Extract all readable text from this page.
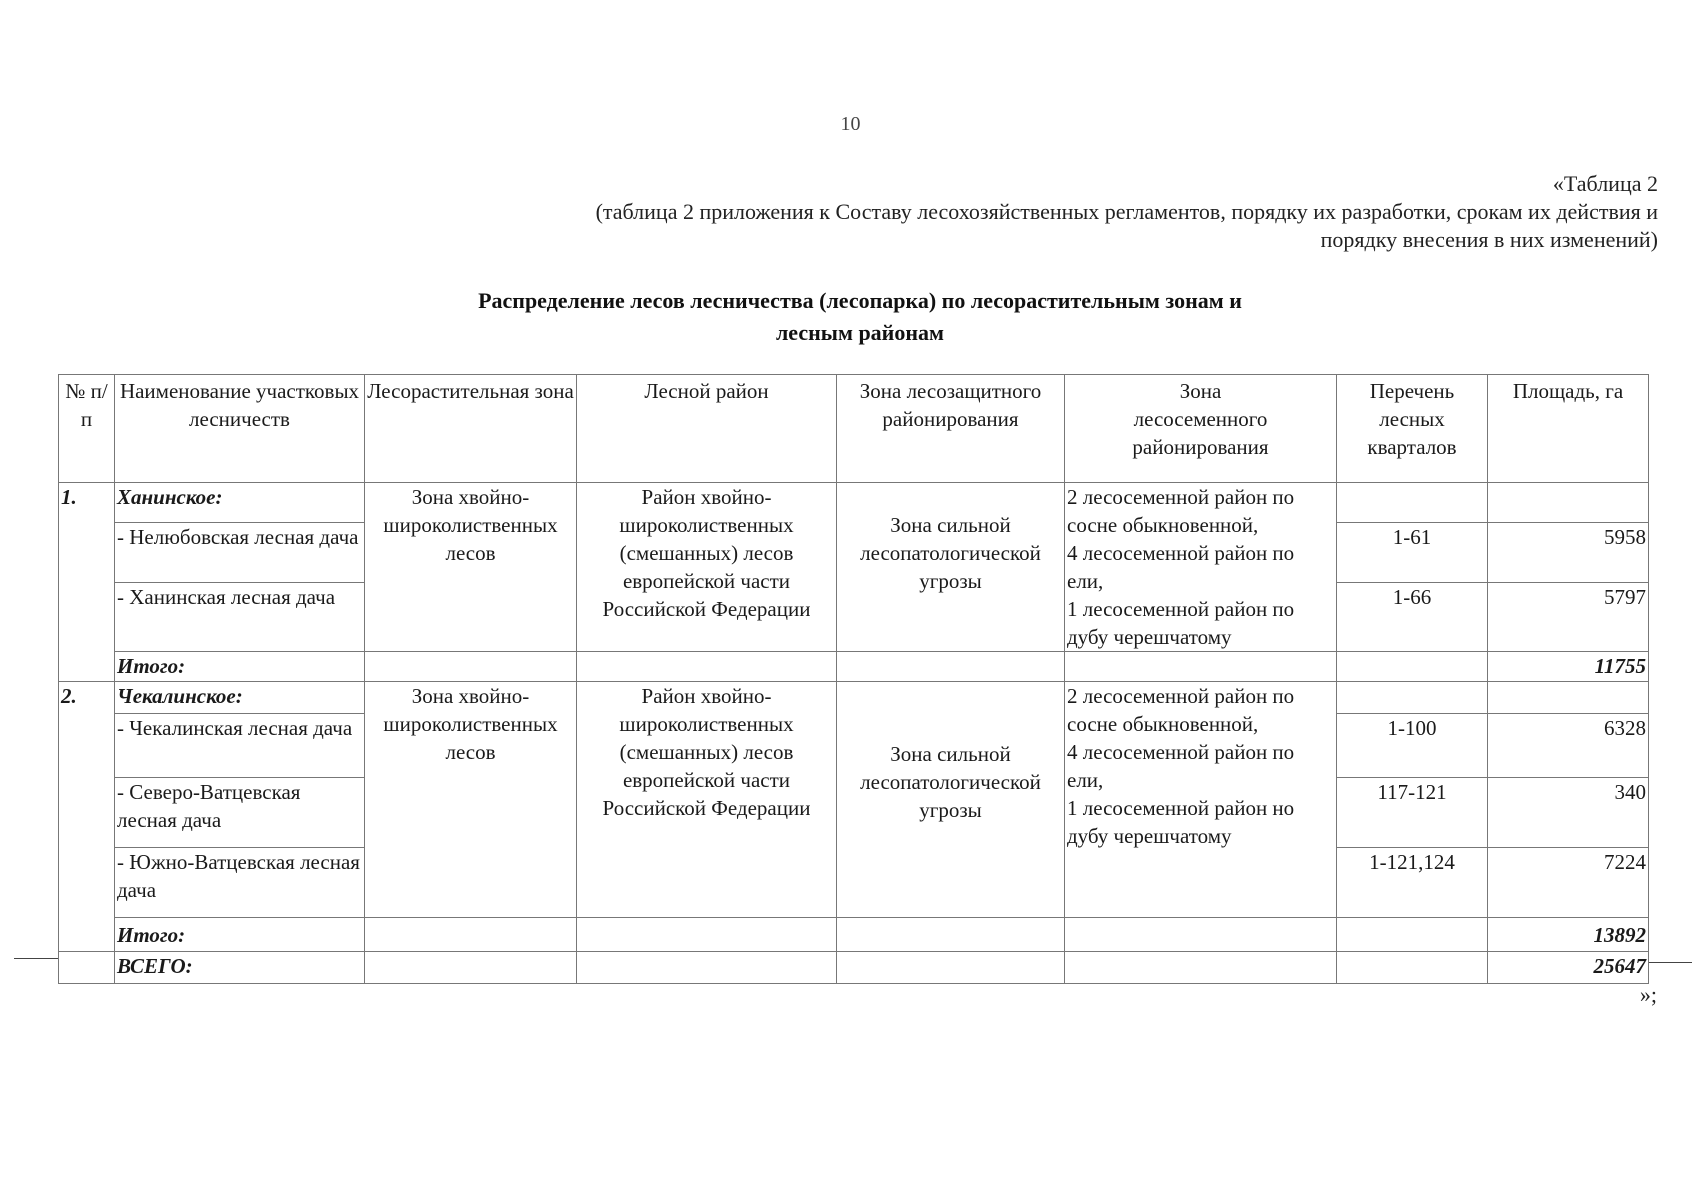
10
«Таблица 2
(таблица 2 приложения к Составу лесохозяйственных регламентов, порядку их разработки, срокам их действия и
порядку внесения в них изменений)
Распределение лесов лесничества (лесопарка) по лесорастительным зонам и
лесным районам
№ п/п	Наименование участковых лесничеств	Лесорастительная зона	Лесной район	Зона лесозащитного районирования	Зона лесосеменного районирования	Перечень лесных кварталов	Площадь, га
1.	Ханинское:	Зона хвойно-широколиственных лесов	Район хвойно-широколиственных (смешанных) лесов европейской части Российской Федерации	Зона сильной лесопатологической угрозы	2 лесосеменной район по сосне обыкновенной,
4 лесосеменной район по ели,
1 лесосеменной район по дубу черешчатому		
	- Нелюбовская лесная дача					1-61	5958
	- Ханинская лесная дача					1-66	5797
	Итого:						11755
2.	Чекалинское:	Зона хвойно-широколиственных лесов	Район хвойно-широколиственных (смешанных) лесов европейской части Российской Федерации	Зона сильной лесопатологической угрозы	2 лесосеменной район по сосне обыкновенной,
4 лесосеменной район по ели,
1 лесосеменной район но дубу черешчатому		
	- Чекалинская лесная дача					1-100	6328
	- Северо-Ватцевская лесная дача					117-121	340
	- Южно-Ватцевская лесная дача					1-121,124	7224
	Итого:						13892
	ВСЕГО:						25647
»;
